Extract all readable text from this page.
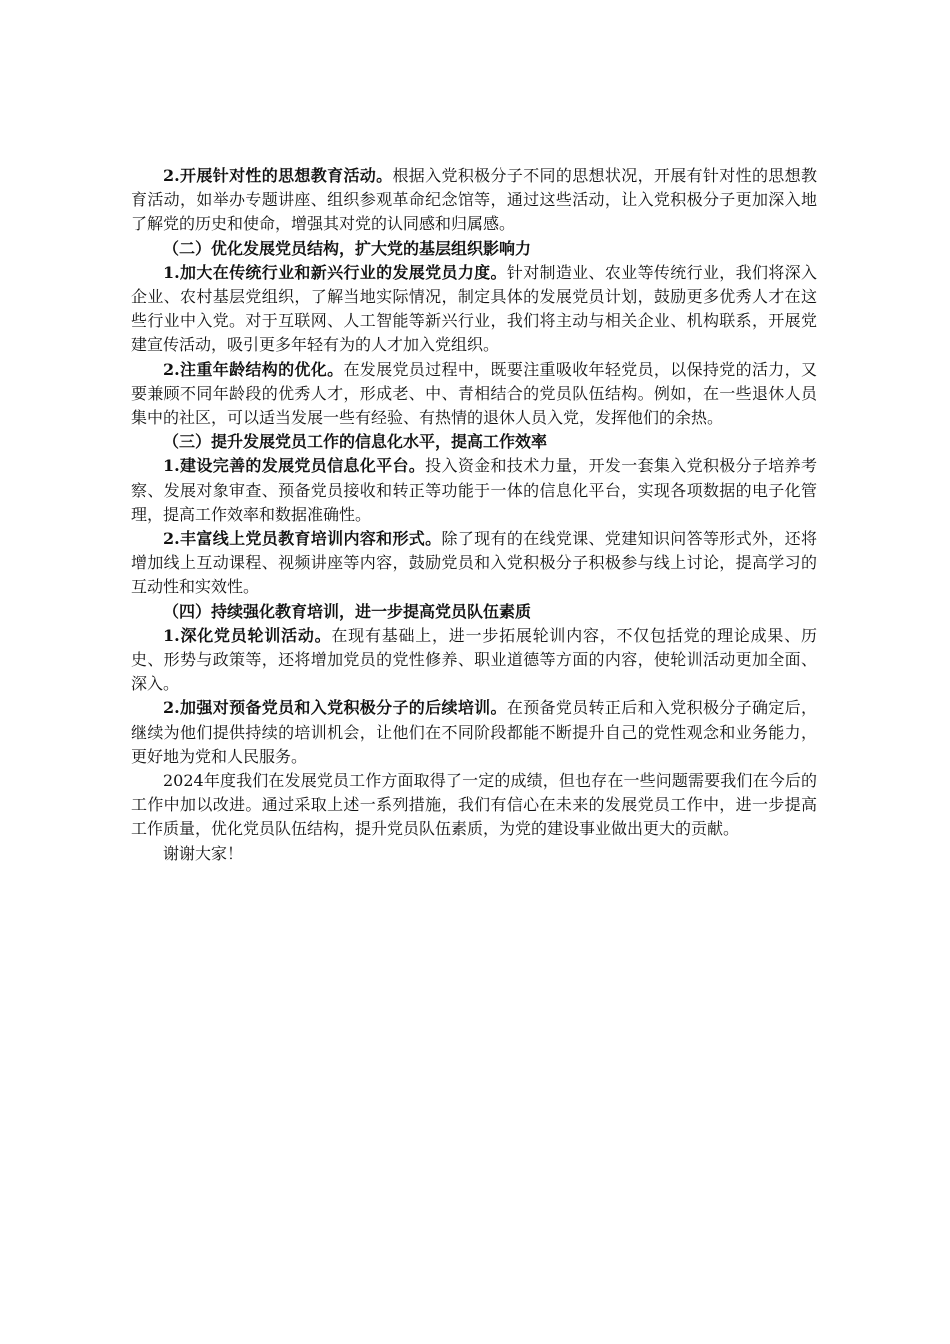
2.开展针对性的思想教育活动。根据入党积极分子不同的思想状况，开展有针对性的思想教育活动，如举办专题讲座、组织参观革命纪念馆等，通过这些活动，让入党积极分子更加深入地了解党的历史和使命，增强其对党的认同感和归属感。

（二）优化发展党员结构，扩大党的基层组织影响力

1.加大在传统行业和新兴行业的发展党员力度。针对制造业、农业等传统行业，我们将深入企业、农村基层党组织，了解当地实际情况，制定具体的发展党员计划，鼓励更多优秀人才在这些行业中入党。对于互联网、人工智能等新兴行业，我们将主动与相关企业、机构联系，开展党建宣传活动，吸引更多年轻有为的人才加入党组织。

2.注重年龄结构的优化。在发展党员过程中，既要注重吸收年轻党员，以保持党的活力，又要兼顾不同年龄段的优秀人才，形成老、中、青相结合的党员队伍结构。例如，在一些退休人员集中的社区，可以适当发展一些有经验、有热情的退休人员入党，发挥他们的余热。

（三）提升发展党员工作的信息化水平，提高工作效率

1.建设完善的发展党员信息化平台。投入资金和技术力量，开发一套集入党积极分子培养考察、发展对象审查、预备党员接收和转正等功能于一体的信息化平台，实现各项数据的电子化管理，提高工作效率和数据准确性。

2.丰富线上党员教育培训内容和形式。除了现有的在线党课、党建知识问答等形式外，还将增加线上互动课程、视频讲座等内容，鼓励党员和入党积极分子积极参与线上讨论，提高学习的互动性和实效性。

（四）持续强化教育培训，进一步提高党员队伍素质

1.深化党员轮训活动。在现有基础上，进一步拓展轮训内容，不仅包括党的理论成果、历史、形势与政策等，还将增加党员的党性修养、职业道德等方面的内容，使轮训活动更加全面、深入。

2.加强对预备党员和入党积极分子的后续培训。在预备党员转正后和入党积极分子确定后，继续为他们提供持续的培训机会，让他们在不同阶段都能不断提升自己的党性观念和业务能力，更好地为党和人民服务。

2024年度我们在发展党员工作方面取得了一定的成绩，但也存在一些问题需要我们在今后的工作中加以改进。通过采取上述一系列措施，我们有信心在未来的发展党员工作中，进一步提高工作质量，优化党员队伍结构，提升党员队伍素质，为党的建设事业做出更大的贡献。

谢谢大家！
